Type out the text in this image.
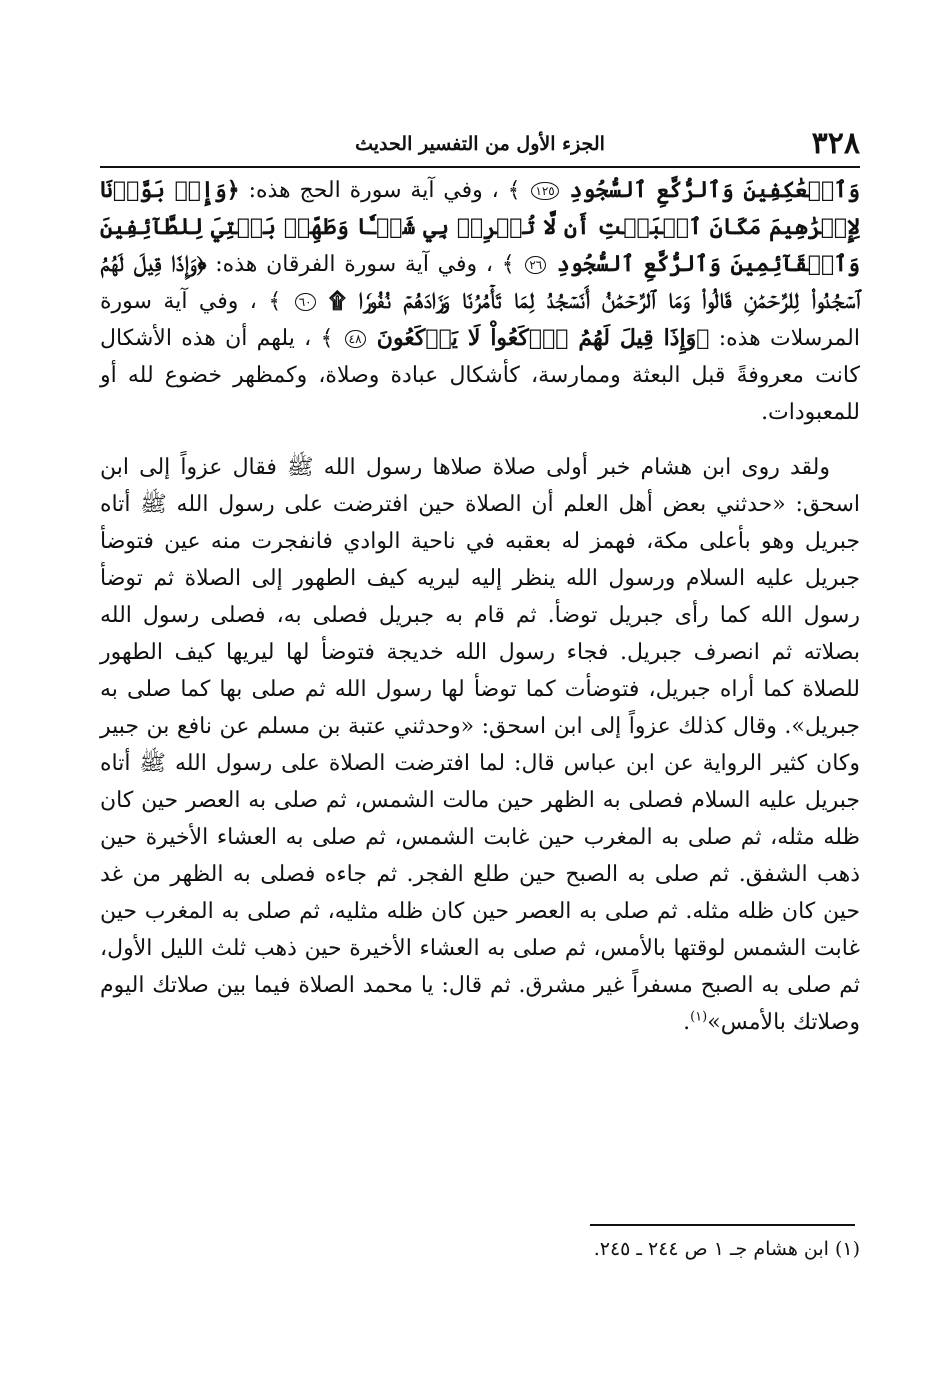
٣٢٨
الجزء الأول من التفسير الحديث

وَٱلۡعَٰكِفِينَ وَٱلرُّكَّعِ ٱلسُّجُودِ ١٢٥ ﴾ ، وفي آية سورة الحج هذه: ﴿وَإِذۡ بَوَّأۡنَا لِإِبۡرَٰهِيمَ مَكَانَ ٱلۡبَيۡتِ أَن لَّا تُشۡرِكۡ بِي شَيۡـٔٗا وَطَهِّرۡ بَيۡتِيَ لِلطَّآئِفِينَ وَٱلۡقَآئِمِينَ وَٱلرُّكَّعِ ٱلسُّجُودِ ٢٦ ﴾ ، وفي آية سورة الفرقان هذه: ﴿وَإِذَا قِيلَ لَهُمُ ٱسۡجُدُواْ لِلرَّحۡمَٰنِ قَالُواْ وَمَا ٱلرَّحۡمَٰنُ أَنَسۡجُدُ لِمَا تَأۡمُرُنَا وَزَادَهُمۡ نُفُورٗا ۩ ٦٠ ﴾ ، وفي آية سورة المرسلات هذه: ﴿وَإِذَا قِيلَ لَهُمُ ٱرۡكَعُواْ لَا يَرۡكَعُونَ ٤٨ ﴾ ، يلهم أن هذه الأشكال كانت معروفةً قبل البعثة وممارسة، كأشكال عبادة وصلاة، وكمظهر خضوع لله أو للمعبودات.

ولقد روى ابن هشام خبر أولى صلاة صلاها رسول الله ﷺ فقال عزواً إلى ابن اسحق: «حدثني بعض أهل العلم أن الصلاة حين افترضت على رسول الله ﷺ أتاه جبريل وهو بأعلى مكة، فهمز له بعقبه في ناحية الوادي فانفجرت منه عين فتوضأ جبريل عليه السلام ورسول الله ينظر إليه ليريه كيف الطهور إلى الصلاة ثم توضأ رسول الله كما رأى جبريل توضأ. ثم قام به جبريل فصلى به، فصلى رسول الله بصلاته ثم انصرف جبريل. فجاء رسول الله خديجة فتوضأ لها ليريها كيف الطهور للصلاة كما أراه جبريل، فتوضأت كما توضأ لها رسول الله ثم صلى بها كما صلى به جبريل». وقال كذلك عزواً إلى ابن اسحق: «وحدثني عتبة بن مسلم عن نافع بن جبير وكان كثير الرواية عن ابن عباس قال: لما افترضت الصلاة على رسول الله ﷺ أتاه جبريل عليه السلام فصلى به الظهر حين مالت الشمس، ثم صلى به العصر حين كان ظله مثله، ثم صلى به المغرب حين غابت الشمس، ثم صلى به العشاء الأخيرة حين ذهب الشفق. ثم صلى به الصبح حين طلع الفجر. ثم جاءه فصلى به الظهر من غد حين كان ظله مثله. ثم صلى به العصر حين كان ظله مثليه، ثم صلى به المغرب حين غابت الشمس لوقتها بالأمس، ثم صلى به العشاء الأخيرة حين ذهب ثلث الليل الأول، ثم صلى به الصبح مسفراً غير مشرق. ثم قال: يا محمد الصلاة فيما بين صلاتك اليوم وصلاتك بالأمس»$^{(١)}$.

(١) ابن هشام جـ ١ ص ٢٤٤ ـ ٢٤٥.
